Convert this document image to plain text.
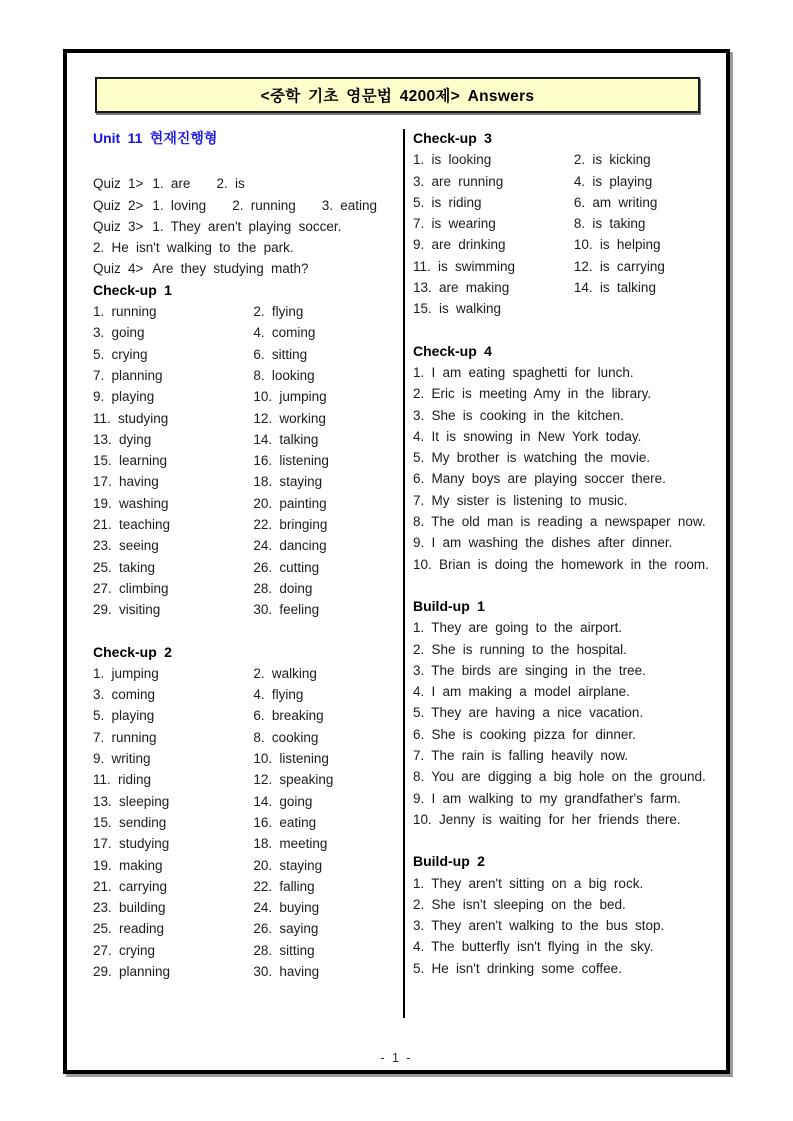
<중학 기초 영문법 4200제> Answers
Unit 11 현재진행형
Quiz 1> 1. are 2. is
Quiz 2> 1. loving 2. running 3. eating
Quiz 3> 1. They aren't playing soccer.
2. He isn't walking to the park.
Quiz 4> Are they studying math?
Check-up 1
1. running	2. flying
3. going	4. coming
5. crying	6. sitting
7. planning	8. looking
9. playing	10. jumping
11. studying	12. working
13. dying	14. talking
15. learning	16. listening
17. having	18. staying
19. washing	20. painting
21. teaching	22. bringing
23. seeing	24. dancing
25. taking	26. cutting
27. climbing	28. doing
29. visiting	30. feeling
Check-up 2
1. jumping	2. walking
3. coming	4. flying
5. playing	6. breaking
7. running	8. cooking
9. writing	10. listening
11. riding	12. speaking
13. sleeping	14. going
15. sending	16. eating
17. studying	18. meeting
19. making	20. staying
21. carrying	22. falling
23. building	24. buying
25. reading	26. saying
27. crying	28. sitting
29. planning	30. having
Check-up 3
1. is looking	2. is kicking
3. are running	4. is playing
5. is riding	6. am writing
7. is wearing	8. is taking
9. are drinking	10. is helping
11. is swimming	12. is carrying
13. are making	14. is talking
15. is walking
Check-up 4
1. I am eating spaghetti for lunch.
2. Eric is meeting Amy in the library.
3. She is cooking in the kitchen.
4. It is snowing in New York today.
5. My brother is watching the movie.
6. Many boys are playing soccer there.
7. My sister is listening to music.
8. The old man is reading a newspaper now.
9. I am washing the dishes after dinner.
10. Brian is doing the homework in the room.
Build-up 1
1. They are going to the airport.
2. She is running to the hospital.
3. The birds are singing in the tree.
4. I am making a model airplane.
5. They are having a nice vacation.
6. She is cooking pizza for dinner.
7. The rain is falling heavily now.
8. You are digging a big hole on the ground.
9. I am walking to my grandfather's farm.
10. Jenny is waiting for her friends there.
Build-up 2
1. They aren't sitting on a big rock.
2. She isn't sleeping on the bed.
3. They aren't walking to the bus stop.
4. The butterfly isn't flying in the sky.
5. He isn't drinking some coffee.
- 1 -
